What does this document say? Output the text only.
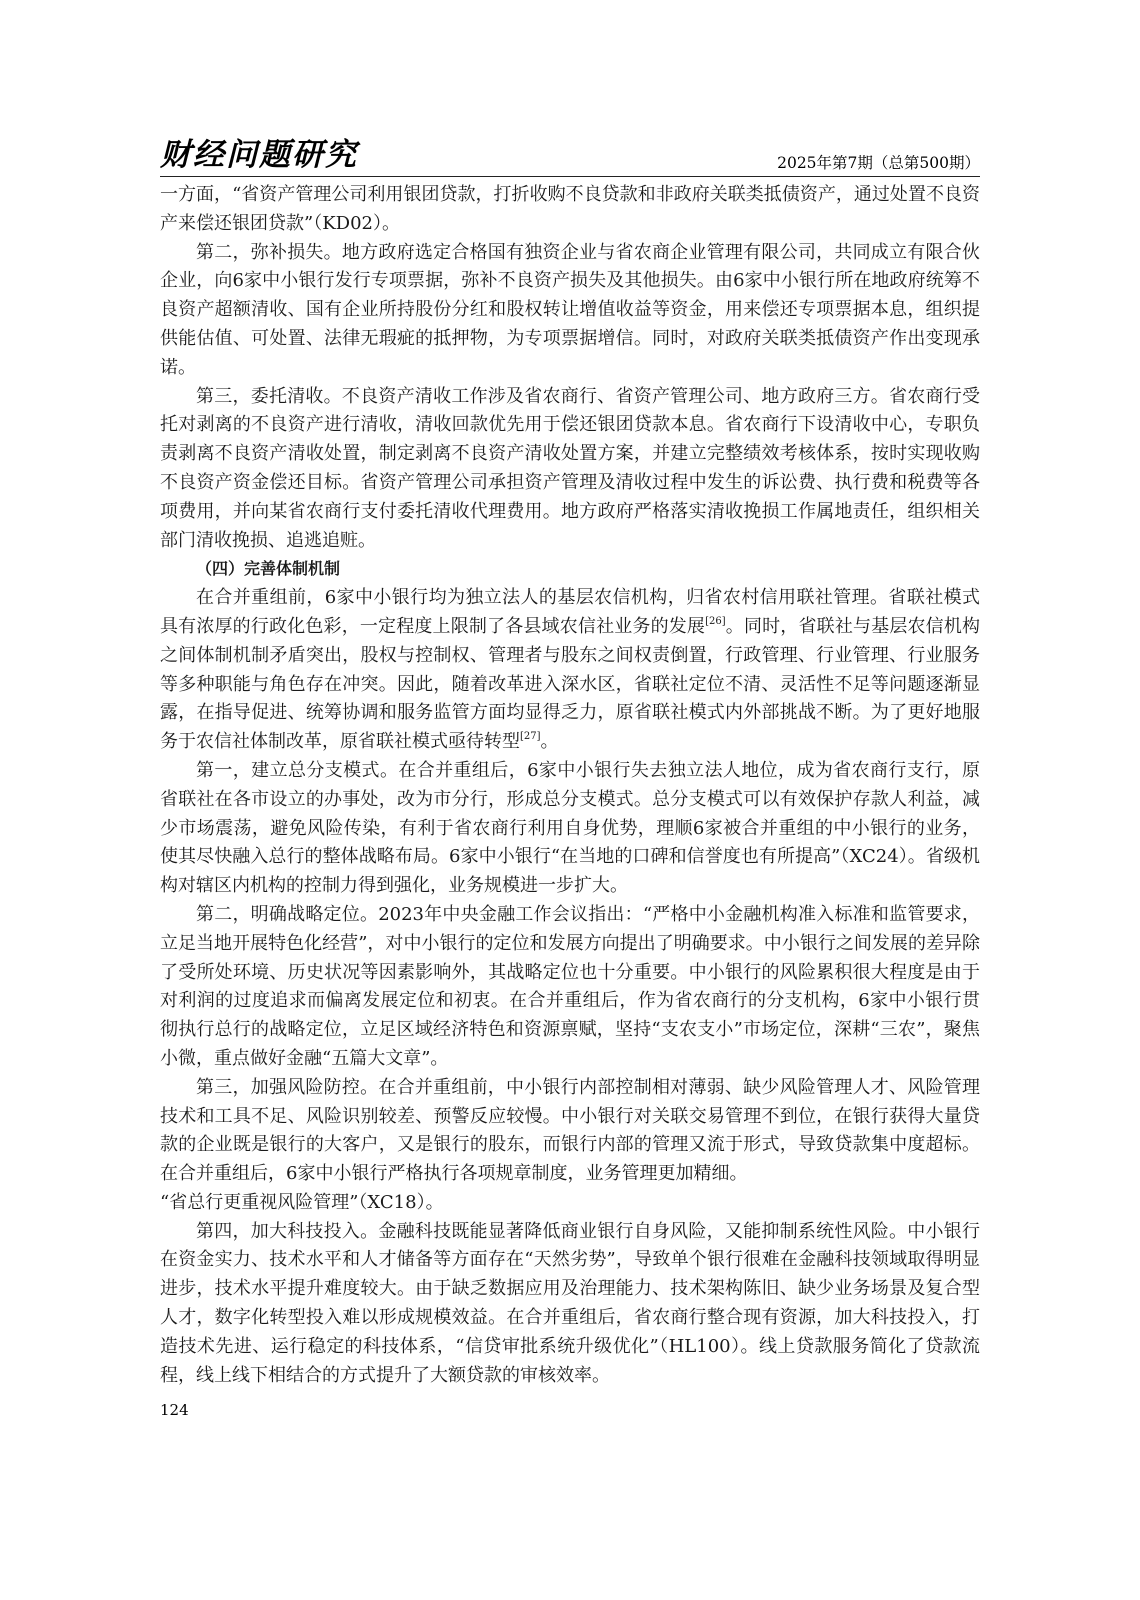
财经问题研究	2025年第7期（总第500期）

一方面，“省资产管理公司利用银团贷款，打折收购不良贷款和非政府关联类抵债资产，通过处置不良资产来偿还银团贷款”（KD02）。

第二，弥补损失。地方政府选定合格国有独资企业与省农商企业管理有限公司，共同成立有限合伙企业，向6家中小银行发行专项票据，弥补不良资产损失及其他损失。由6家中小银行所在地政府统筹不良资产超额清收、国有企业所持股份分红和股权转让增值收益等资金，用来偿还专项票据本息，组织提供能估值、可处置、法律无瑕疵的抵押物，为专项票据增信。同时，对政府关联类抵债资产作出变现承诺。

第三，委托清收。不良资产清收工作涉及省农商行、省资产管理公司、地方政府三方。省农商行受托对剥离的不良资产进行清收，清收回款优先用于偿还银团贷款本息。省农商行下设清收中心，专职负责剥离不良资产清收处置，制定剥离不良资产清收处置方案，并建立完整绩效考核体系，按时实现收购不良资产资金偿还目标。省资产管理公司承担资产管理及清收过程中发生的诉讼费、执行费和税费等各项费用，并向某省农商行支付委托清收代理费用。地方政府严格落实清收挽损工作属地责任，组织相关部门清收挽损、追逃追赃。

（四）完善体制机制

在合并重组前，6家中小银行均为独立法人的基层农信机构，归省农村信用联社管理。省联社模式具有浓厚的行政化色彩，一定程度上限制了各县域农信社业务的发展[26]。同时，省联社与基层农信机构之间体制机制矛盾突出，股权与控制权、管理者与股东之间权责倒置，行政管理、行业管理、行业服务等多种职能与角色存在冲突。因此，随着改革进入深水区，省联社定位不清、灵活性不足等问题逐渐显露，在指导促进、统筹协调和服务监管方面均显得乏力，原省联社模式内外部挑战不断。为了更好地服务于农信社体制改革，原省联社模式亟待转型[27]。

第一，建立总分支模式。在合并重组后，6家中小银行失去独立法人地位，成为省农商行支行，原省联社在各市设立的办事处，改为市分行，形成总分支模式。总分支模式可以有效保护存款人利益，减少市场震荡，避免风险传染，有利于省农商行利用自身优势，理顺6家被合并重组的中小银行的业务，使其尽快融入总行的整体战略布局。6家中小银行“在当地的口碑和信誉度也有所提高”（XC24）。省级机构对辖区内机构的控制力得到强化，业务规模进一步扩大。

第二，明确战略定位。2023年中央金融工作会议指出：“严格中小金融机构准入标准和监管要求，立足当地开展特色化经营”，对中小银行的定位和发展方向提出了明确要求。中小银行之间发展的差异除了受所处环境、历史状况等因素影响外，其战略定位也十分重要。中小银行的风险累积很大程度是由于对利润的过度追求而偏离发展定位和初衷。在合并重组后，作为省农商行的分支机构，6家中小银行贯彻执行总行的战略定位，立足区域经济特色和资源禀赋，坚持“支农支小”市场定位，深耕“三农”，聚焦小微，重点做好金融“五篇大文章”。

第三，加强风险防控。在合并重组前，中小银行内部控制相对薄弱、缺少风险管理人才、风险管理技术和工具不足、风险识别较差、预警反应较慢。中小银行对关联交易管理不到位，在银行获得大量贷款的企业既是银行的大客户，又是银行的股东，而银行内部的管理又流于形式，导致贷款集中度超标。在合并重组后，6家中小银行严格执行各项规章制度，业务管理更加精细。

“省总行更重视风险管理”（XC18）。

第四，加大科技投入。金融科技既能显著降低商业银行自身风险，又能抑制系统性风险。中小银行在资金实力、技术水平和人才储备等方面存在“天然劣势”，导致单个银行很难在金融科技领域取得明显进步，技术水平提升难度较大。由于缺乏数据应用及治理能力、技术架构陈旧、缺少业务场景及复合型人才，数字化转型投入难以形成规模效益。在合并重组后，省农商行整合现有资源，加大科技投入，打造技术先进、运行稳定的科技体系，“信贷审批系统升级优化”（HL100）。线上贷款服务简化了贷款流程，线上线下相结合的方式提升了大额贷款的审核效率。

124
